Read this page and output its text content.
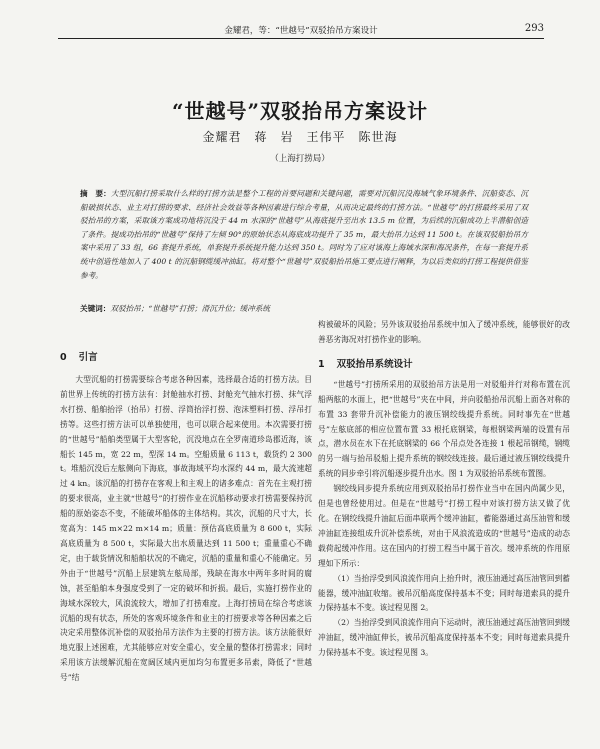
金耀君，等：“世越号”双驳抬吊方案设计	293
“世越号”双驳抬吊方案设计
金耀君　蒋　岩　王伟平　陈世海
（上海打捞局）
摘　要：大型沉船打捞采取什么样的打捞方法是整个工程的首要问题和关键问题，需要对沉船沉没海域气象环境条件、沉船姿态、沉船破损状态、业主对打捞的要求、经济社会效益等各种因素进行综合考量，从而决定最终的打捞方法。“世越号”的打捞最终采用了双驳抬吊的方案，采取该方案成功地将沉没于 44 m 水深的“世越号”从海底提升至出水 13.5 m 位置，为后续的沉船成功上半潜船创造了条件。提成功抬吊的“世越号”保持了左倾 90°的原始状态从海底成功提升了 35 m，最大抬吊力达到 11 500 t。在该双驳船抬吊方案中采用了 33 组，66 套提升系统，单套提升系统提升能力达到 350 t。同时为了应对该海上海域水深和海况条件，在每一套提升系统中创造性地加入了 400 t 的沉船钢缆缓冲油缸。将对整个“世越号”双驳船抬吊施工要点进行阐释，为以后类似的打捞工程提供借鉴参考。
关键词：双驳抬吊；“世越号”打捞；滑沉升位；缓冲系统
0 引言

大型沉船的打捞需要综合考虑各种因素，选择最合适的打捞方法。目前世界上传统的打捞方法有：封舱抽水打捞、封舱充气抽水打捞、抹气浮水打捞、船舶抬浮（抬吊）打捞、浮筒抬浮打捞、泡沫塑料打捞、浮吊打捞等。这些打捞方法可以单独使用，也可以联合起来使用。本次需要打捞的“世越号”船舶类型属于大型客轮，沉没地点在全罗南道珍岛郡近海，该船长 145 m，宽 22 m，型深 14 m。空船质量 6 113 t，载货约 2 300 t。堆船沉没后左舷侧向下海底，事故海域平均水深约 44 m，最大流速超过 4 kn。该沉船的打捞存在客观上和主观上的诸多难点：首先在主观打捞的要求很高，业主就“世越号”的打捞作业在沉船移动要求打捞需要保持沉船的原始姿态不变，不能破坏船体的主体结构。其次，沉船的尺寸大，长宽高为：145 m×22 m×14 m；质量：预估高底质量为 8 600 t，实际高底质量为 8 500 t，实际最大出水质量达到 11 500 t；重量重心不确定，由于载货情况和船舶状况的不确定，沉船的重量和重心不能确定。另外由于“世越号”沉船上层建筑左舷局部，残缺在海水中两年多时间的腐蚀，甚至船舶本身强度受到了一定的破坏和折损。最后，实施打捞作业的海域水深较大，风浪流较大，增加了打捞难度。上海打捞局在综合考虑该沉船的现有状态，所处的客观环境条件和业主的打捞要求等各种因素之后决定采用整体沉补偿的双驳抬吊方法作为主要的打捞方法。该方法能很好地克服上述困难，尤其能够应对安全重心，安全量的整体打捞需求；同时采用该方法缓解沉船在宽阔区域内更加均匀布置更多吊索，降低了“世越号”结

构被破坏的风险；另外该双驳抬吊系统中加入了缓冲系统，能够很好的改善恶劣海况对打捞作业的影响。

1 双驳抬吊系统设计

“世越号”打捞所采用的双驳抬吊方法是用一对驳船并行对称布置在沉船两舷的水面上，把“世越号”夹在中间，并向驳船抬吊沉船上面各对称的布置 33 套带升沉补偿能力的液压钢绞线提升系统。同时事先在“世越号”左舷底部的相应位置布置 33 根托底钢梁，每根钢梁两端的设置有吊点，潜水员在水下在托底钢梁的 66 个吊点处各连接 1 根起吊钢缆，钢缆的另一端与抬吊驳船上提升系统的钢绞线连接。最后通过液压钢绞线提升系统的同步牵引将沉船逐步提升出水。图 1 为双驳抬吊系统布置图。

钢绞线同步提升系统应用到双驳抬吊打捞作业当中在国内尚属少见，但是也曾经使用过。但是在“世越号”打捞工程中对该打捞方法又做了优化。在钢绞线提升油缸后面串联两个缓冲油缸，蓄能器通过高压油管和缓冲油缸连接组成升沉补偿系统，对由于风浪流造成的“世越号”造成的动态载荷起缓冲作用。这在国内的打捞工程当中属于首次。缓冲系统的作用原理如下所示：

（1）当抬浮受到风浪流作用向上抬升时，液压油通过高压油管回到蓄能器，缓冲油缸收缩。被吊沉船高度保持基本不变；同时每道索具的提升力保持基本不变。该过程见图 2。

（2）当抬浮受到风浪流作用向下运动时，液压油通过高压油管回到缓冲油缸，缓冲油缸伸长，被吊沉船高度保持基本不变；同时每道索具提升力保持基本不变。该过程见图 3。
